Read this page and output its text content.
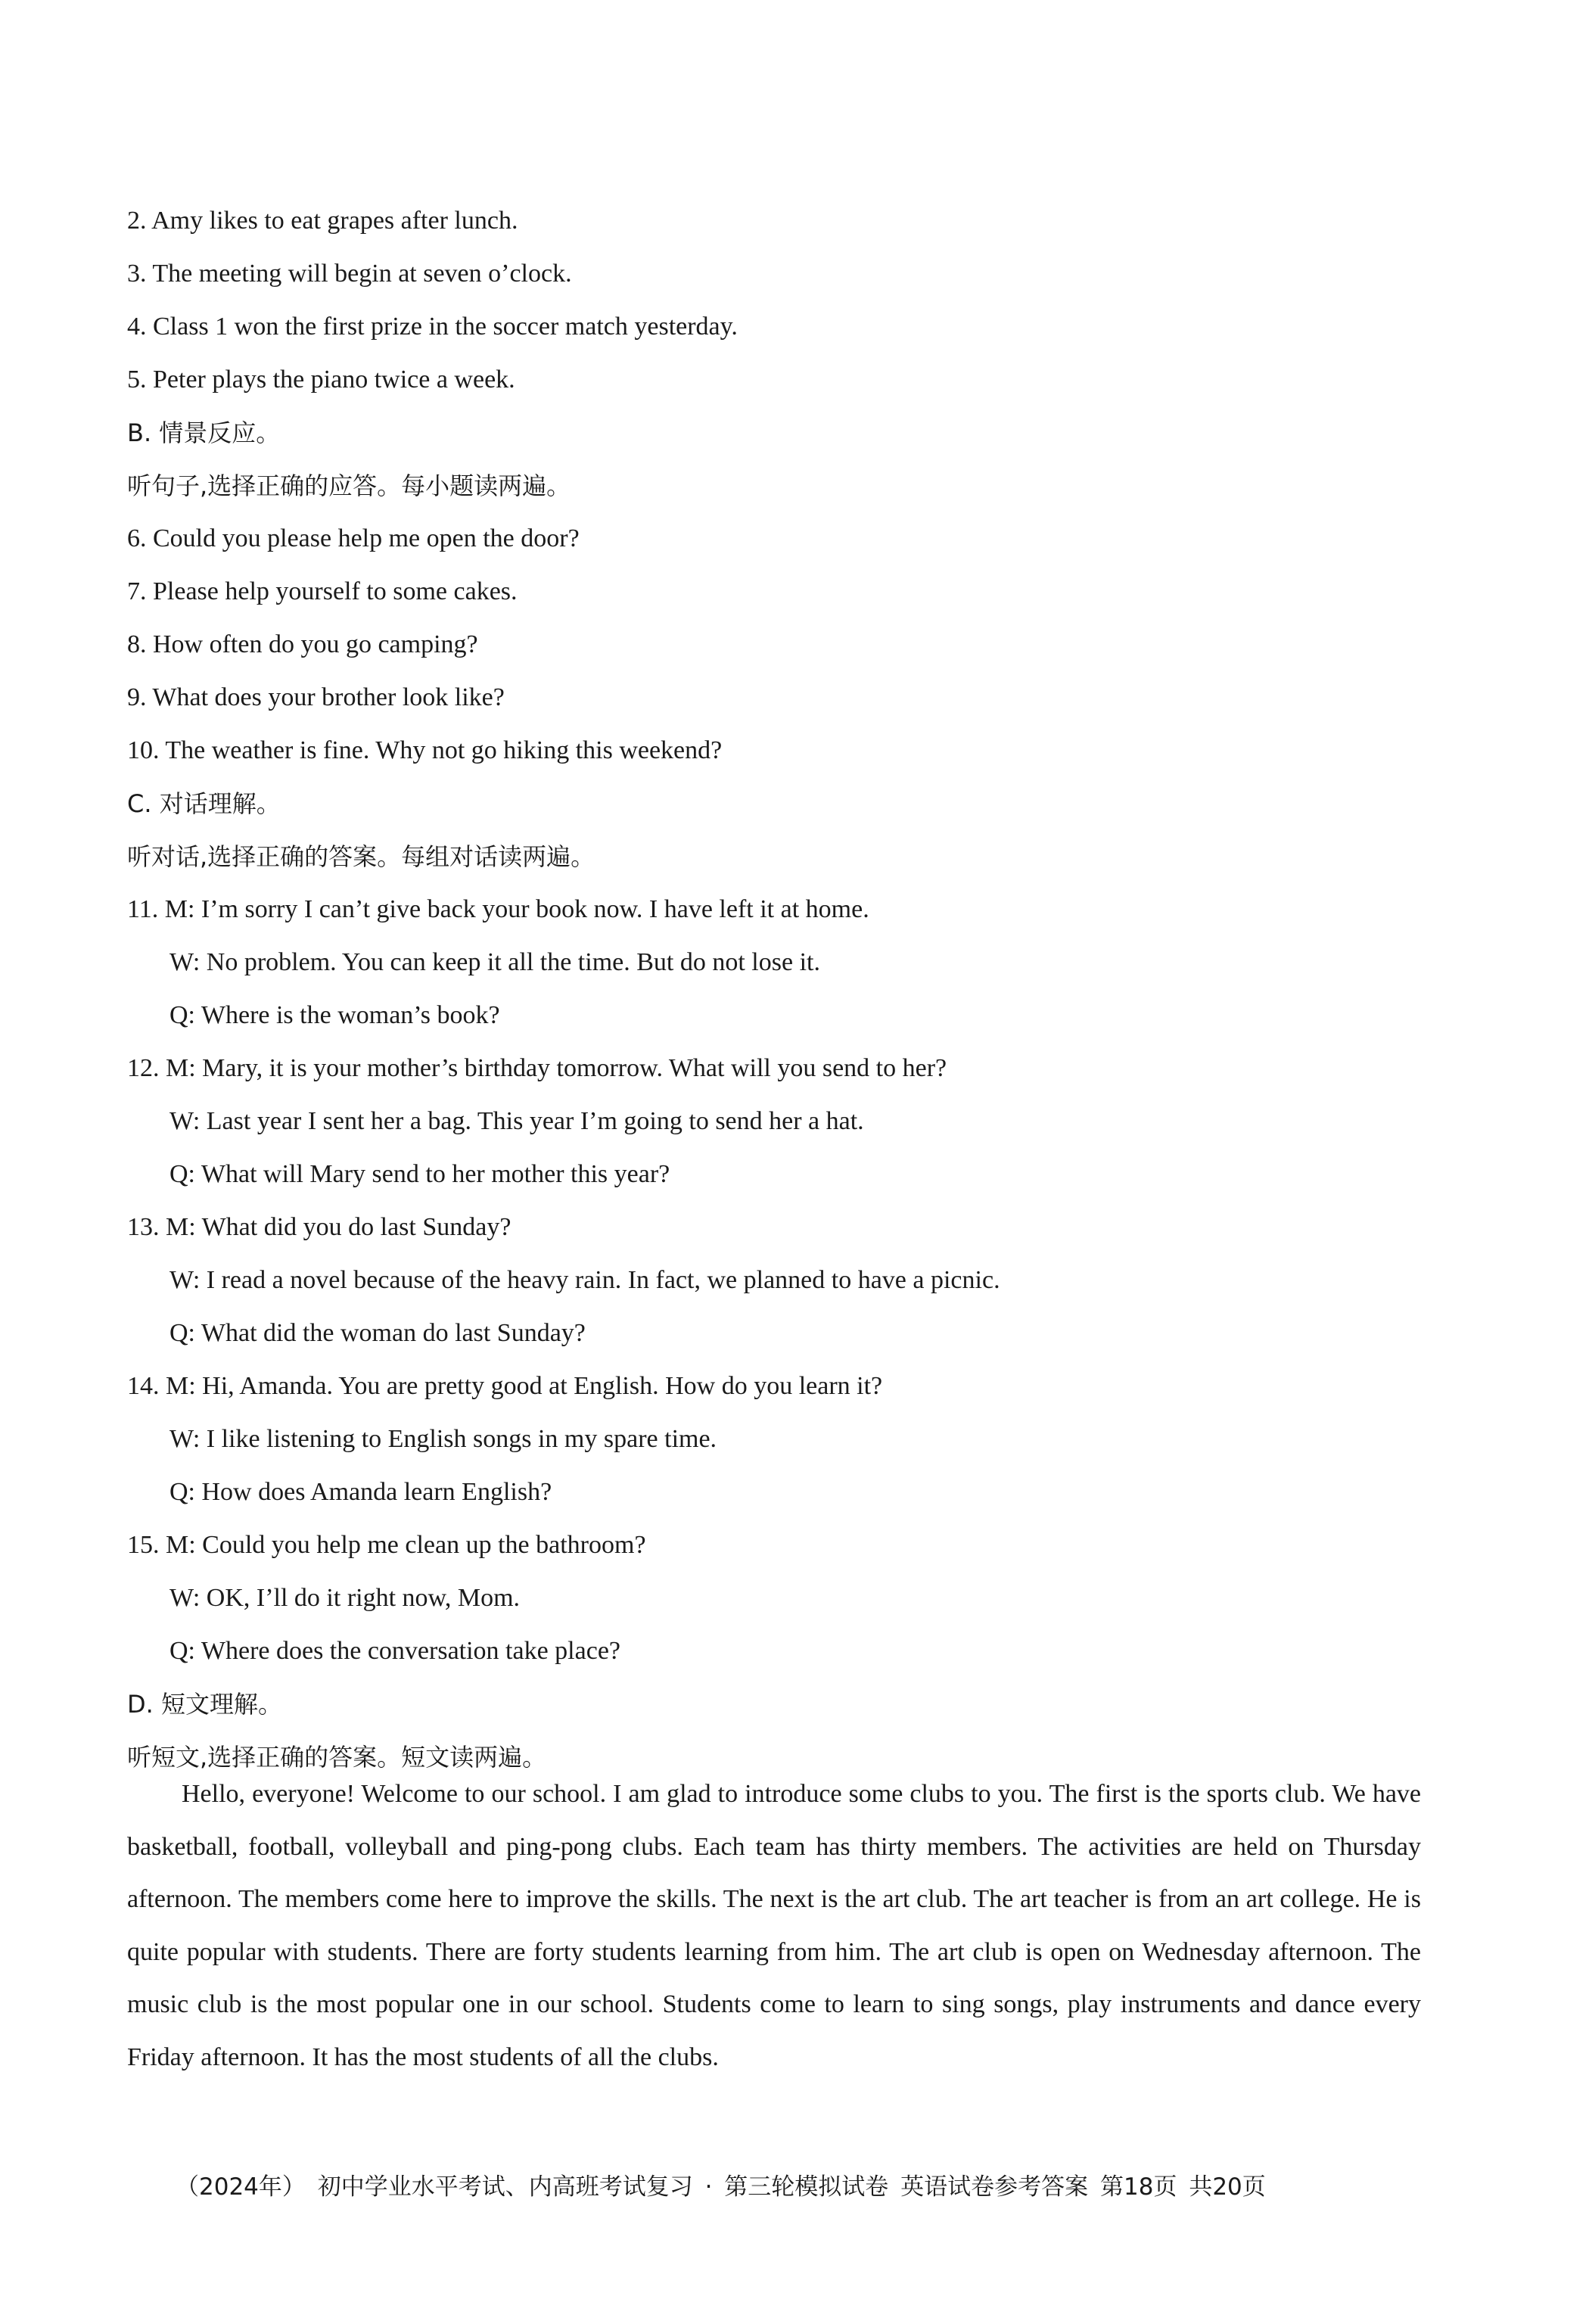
2. Amy likes to eat grapes after lunch.
3. The meeting will begin at seven o’clock.
4. Class 1 won the first prize in the soccer match yesterday.
5. Peter plays the piano twice a week.
B. 情景反应。
听句子,选择正确的应答。每小题读两遍。
6. Could you please help me open the door?
7. Please help yourself to some cakes.
8. How often do you go camping?
9. What does your brother look like?
10. The weather is fine. Why not go hiking this weekend?
C. 对话理解。
听对话,选择正确的答案。每组对话读两遍。
11. M: I’m sorry I can’t give back your book now. I have left it at home.
W: No problem. You can keep it all the time. But do not lose it.
Q: Where is the woman’s book?
12. M: Mary, it is your mother’s birthday tomorrow. What will you send to her?
W: Last year I sent her a bag. This year I’m going to send her a hat.
Q: What will Mary send to her mother this year?
13. M: What did you do last Sunday?
W: I read a novel because of the heavy rain. In fact, we planned to have a picnic.
Q: What did the woman do last Sunday?
14. M: Hi, Amanda. You are pretty good at English. How do you learn it?
W: I like listening to English songs in my spare time.
Q: How does Amanda learn English?
15. M: Could you help me clean up the bathroom?
W: OK, I’ll do it right now, Mom.
Q: Where does the conversation take place?
D. 短文理解。
听短文,选择正确的答案。短文读两遍。
Hello, everyone! Welcome to our school. I am glad to introduce some clubs to you. The first is the sports club. We have basketball, football, volleyball and ping-pong clubs. Each team has thirty members. The activities are held on Thursday afternoon. The members come here to improve the skills. The next is the art club. The art teacher is from an art college. He is quite popular with students. There are forty students learning from him. The art club is open on Wednesday afternoon. The music club is the most popular one in our school. Students come to learn to sing songs, play instruments and dance every Friday afternoon. It has the most students of all the clubs.
（2024年） 初中学业水平考试、内高班考试复习 · 第三轮模拟试卷 英语试卷参考答案 第18页 共20页
